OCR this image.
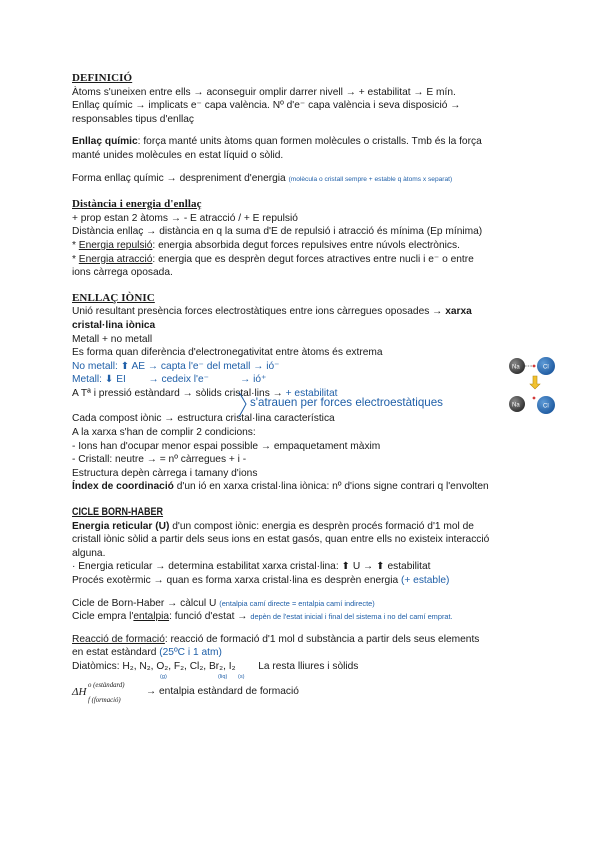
DEFINICIÓ

Àtoms s'uneixen entre ells → aconseguir omplir darrer nivell → + estabilitat → E mín.

Enllaç químic → implicats e⁻ capa valència. Nº d'e⁻ capa valència i seva disposició →

responsables tipus d'enllaç

Enllaç químic: força manté units àtoms quan formen molècules o cristalls. Tmb és la força

manté unides molècules en estat líquid o sòlid.

Forma enllaç químic → despreniment d'energia (molècula o cristall sempre + estable q àtoms x separat)

Distància i energia d'enllaç

+ prop estan 2 àtoms → - E atracció / + E repulsió

Distància enllaç → distància en q la suma d'E de repulsió i atracció és mínima (Ep mínima)

* Energia repulsió: energia absorbida degut forces repulsives entre núvols electrònics.

* Energia atracció: energia que es desprèn degut forces atractives entre nucli i e⁻ o entre

ions càrrega oposada.

ENLLAÇ IÒNIC

Unió resultant presència forces electrostàtiques entre ions càrregues oposades → xarxa

cristal·lina iònica

Metall + no metall

Es forma quan diferència d'electronegativitat entre àtoms és extrema

No metall: ⬆ AE → capta l'e⁻ del metall → ió⁻

Metall: ⬇ EI        → cedeix l'e⁻           → ió⁺

A Tª i pressió estàndard → sòlids cristal·lins → + estabilitat

Cada compost iònic → estructura cristal·lina característica

A la xarxa s'han de complir 2 condicions:

- Ions han d'ocupar menor espai possible → empaquetament màxim

- Cristall: neutre → = nº càrregues + i -

Estructura depèn càrrega i tamany d'ions

Índex de coordinació d'un ió en xarxa cristal·lina iònica: nº d'ions signe contrari q l'envolten

CICLE BORN-HABER

Energia reticular (U) d'un compost iònic: energia es desprèn procés formació d'1 mol de

cristall iònic sòlid a partir dels seus ions en estat gasós, quan entre ells no existeix interacció

alguna.

· Energia reticular → determina estabilitat xarxa cristal·lina: ⬆ U → ⬆ estabilitat

Procés exotèrmic → quan es forma xarxa cristal·lina es desprèn energia (+ estable)

Cicle de Born-Haber → càlcul U (entalpia camí directe = entalpia camí indirecte)

Cicle empra l'entalpia: funció d'estat → depèn de l'estat inicial i final del sistema i no del camí emprat.

Reacció de formació: reacció de formació d'1 mol d substància a partir dels seus elements

en estat estàndard (25ºC i 1 atm)

Diatòmics: H₂, N₂, O₂, F₂, Cl₂, Br₂, I₂ La resta lliures i sòlids
(g)	(liq) (s)

ΔH
o (estàndard)
f (formació)
→ entalpia estàndard de formació

s'atrauen per forces electroestàtiques
Na	Cl
Na	Cl
